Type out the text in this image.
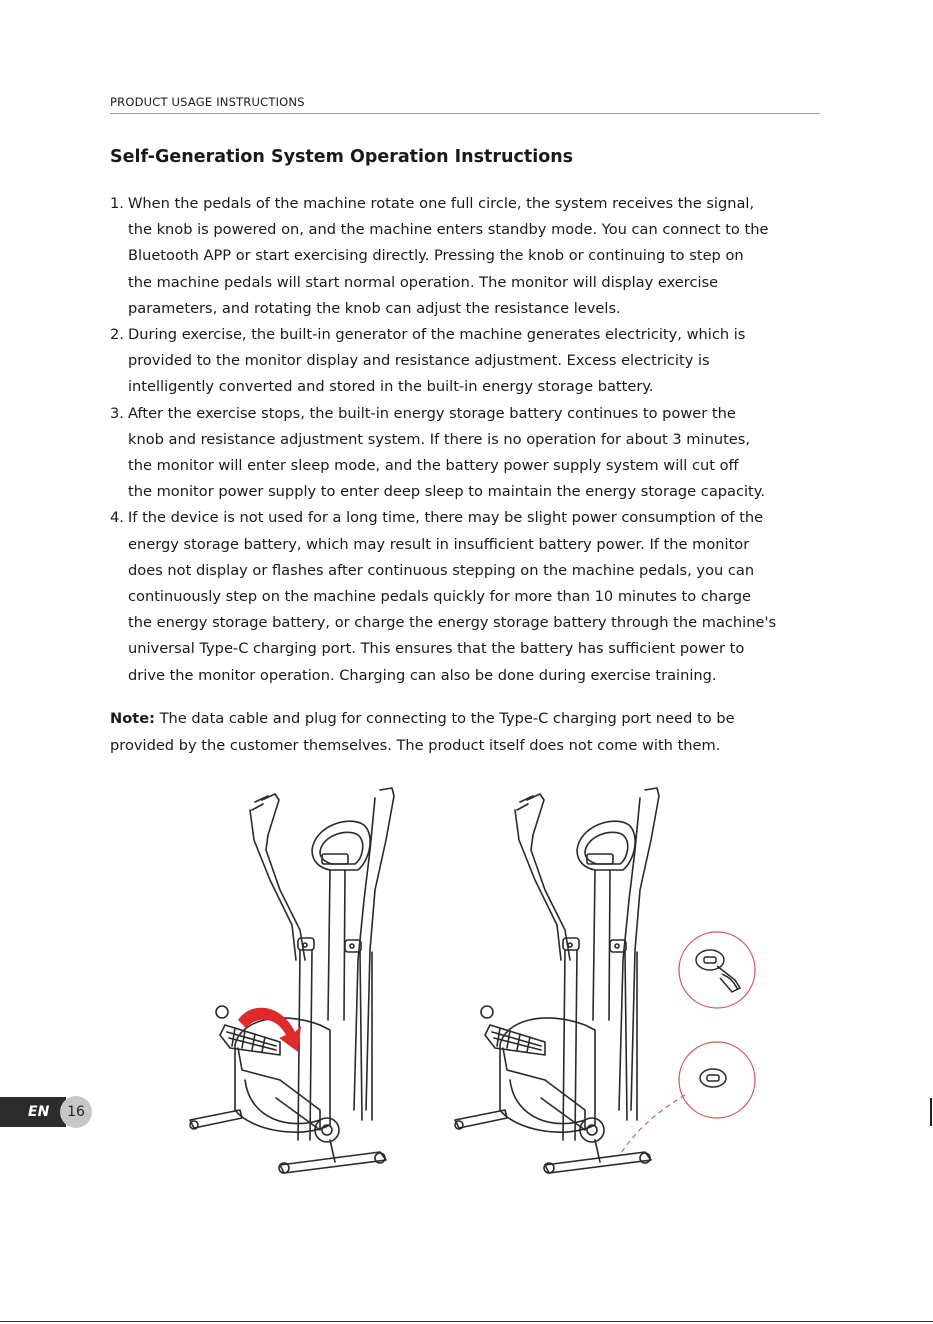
PRODUCT USAGE INSTRUCTIONS
Self-Generation System Operation Instructions
1. When the pedals of the machine rotate one full circle, the system receives the signal,
the knob is powered on, and the machine enters standby mode. You can connect to the
Bluetooth APP or start exercising directly. Pressing the knob or continuing to step on
the machine pedals will start normal operation. The monitor will display exercise
parameters, and rotating the knob can adjust the resistance levels.
2. During exercise, the built-in generator of the machine generates electricity, which is
provided to the monitor display and resistance adjustment. Excess electricity is
intelligently converted and stored in the built-in energy storage battery.
3. After the exercise stops, the built-in energy storage battery continues to power the
knob and resistance adjustment system. If there is no operation for about 3 minutes,
the monitor will enter sleep mode, and the battery power supply system will cut off
the monitor power supply to enter deep sleep to maintain the energy storage capacity.
4. If the device is not used for a long time, there may be slight power consumption of the
energy storage battery, which may result in insufficient battery power. If the monitor
does not display or flashes after continuous stepping on the machine pedals, you can
continuously step on the machine pedals quickly for more than 10 minutes to charge
the energy storage battery, or charge the energy storage battery through the machine's
universal Type-C charging port. This ensures that the battery has sufficient power to
drive the monitor operation. Charging can also be done during exercise training.

Note: The data cable and plug for connecting to the Type-C charging port need to be
provided by the customer themselves. The product itself does not come with them.

EN	16
